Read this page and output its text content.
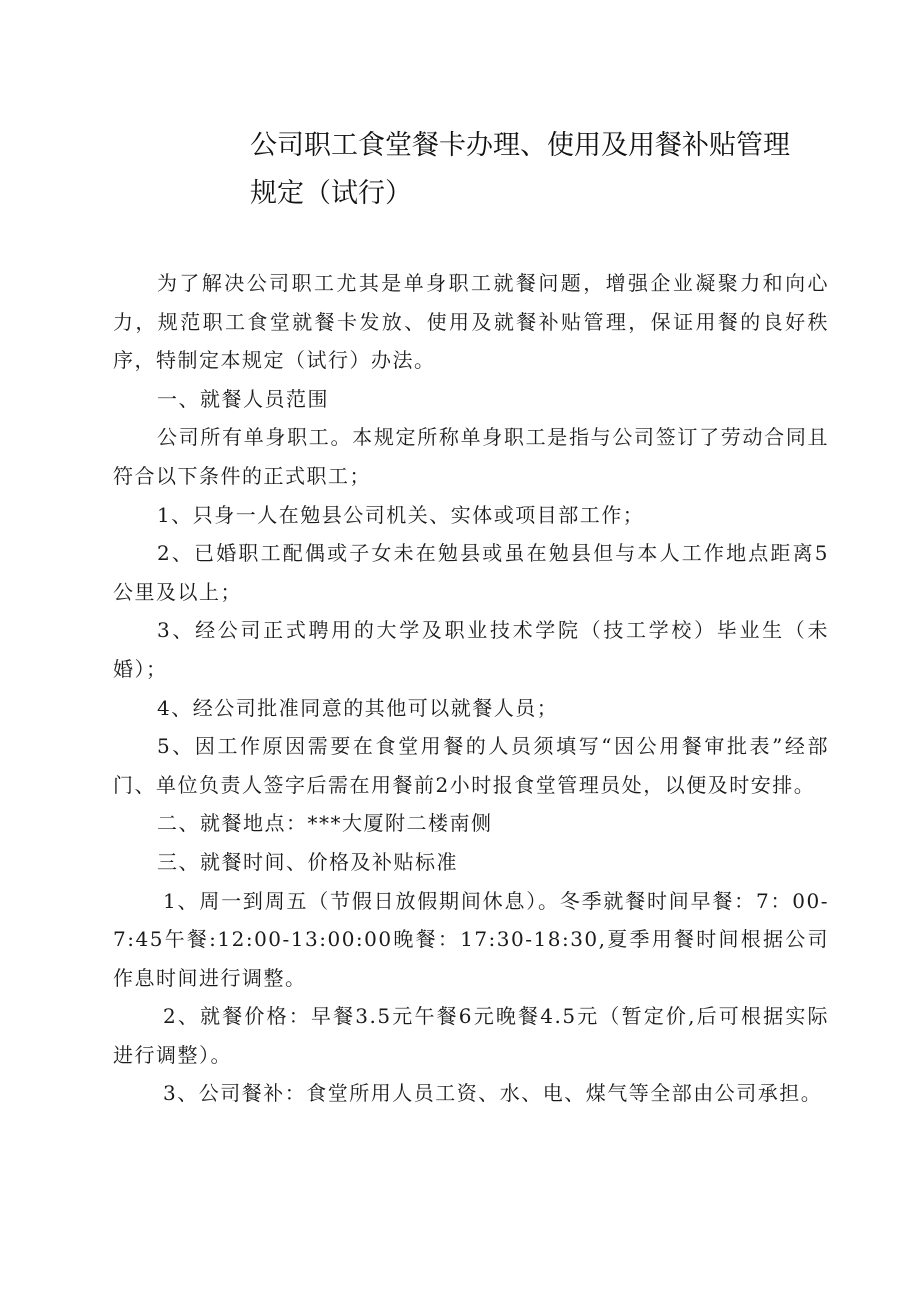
公司职工食堂餐卡办理、使用及用餐补贴管理规定（试行）

为了解决公司职工尤其是单身职工就餐问题，增强企业凝聚力和向心力，规范职工食堂就餐卡发放、使用及就餐补贴管理，保证用餐的良好秩序，特制定本规定（试行）办法。

一、就餐人员范围

公司所有单身职工。本规定所称单身职工是指与公司签订了劳动合同且符合以下条件的正式职工；

1、只身一人在勉县公司机关、实体或项目部工作；

2、已婚职工配偶或子女未在勉县或虽在勉县但与本人工作地点距离5公里及以上；

3、经公司正式聘用的大学及职业技术学院（技工学校）毕业生（未婚）；

4、经公司批准同意的其他可以就餐人员；

5、因工作原因需要在食堂用餐的人员须填写“因公用餐审批表”经部门、单位负责人签字后需在用餐前2小时报食堂管理员处，以便及时安排。

二、就餐地点：***大厦附二楼南侧

三、就餐时间、价格及补贴标准

1、周一到周五（节假日放假期间休息）。冬季就餐时间早餐：7：00-7:45午餐:12:00-13:00:00晚餐：17:30-18:30,夏季用餐时间根据公司作息时间进行调整。

2、就餐价格：早餐3.5元午餐6元晚餐4.5元（暂定价,后可根据实际进行调整）。

3、公司餐补：食堂所用人员工资、水、电、煤气等全部由公司承担。
